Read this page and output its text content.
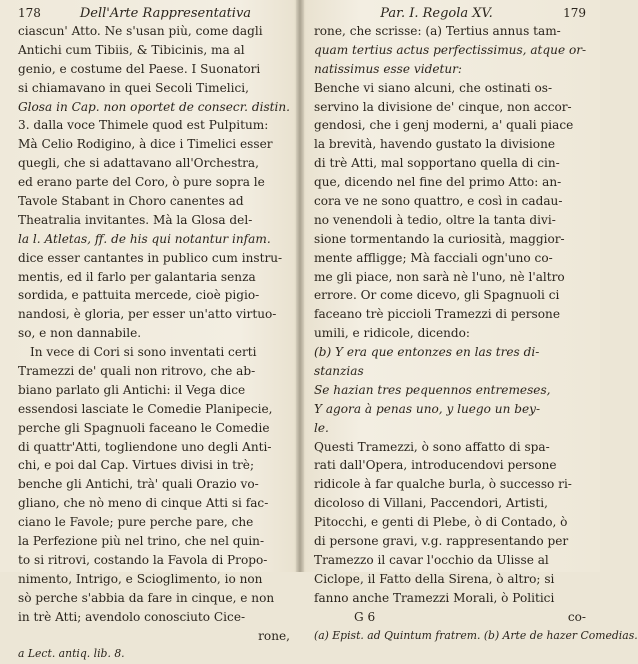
178	Dell'Arte Rappresentativa
ciascun' Atto. Ne s'usan più, come dagli
Antichi cum Tibiis, & Tibicinis, ma al
genio, e costume del Paese. I Suonatori
si chiamavano in quei Secoli Timelici,
Glosa in Cap. non oportet de consecr. distin.
3. dalla voce Thimele quod est Pulpitum:
Mà Celio Rodigino, à dice i Timelici esser
quegli, che si adattavano all'Orchestra,
ed erano parte del Coro, ò pure sopra le
Tavole Stabant in Choro canentes ad
Theatralia invitantes. Mà la Glosa del-
la l. Atletas, ff. de his qui notantur infam.
dice esser cantantes in publico cum instru-
mentis, ed il farlo per galantaria senza
sordida, e pattuita mercede, cioè pigio-
nandosi, è gloria, per esser un'atto virtuo-
so, e non dannabile.
In vece di Cori si sono inventati certi
Tramezzi de' quali non ritrovo, che ab-
biano parlato gli Antichi: il Vega dice
essendosi lasciate le Comedie Planipecie,
perche gli Spagnuoli faceano le Comedie
di quattr'Atti, togliendone uno degli Anti-
chi, e poi dal Cap. Virtues divisi in trè;
benche gli Antichi, trà' quali Orazio vo-
gliano, che nò meno di cinque Atti si fac-
ciano le Favole; pure perche pare, che
la Perfezione più nel trino, che nel quin-
to si ritrovi, costando la Favola di Propo-
nimento, Intrigo, e Scioglimento, io non
sò perche s'abbia da fare in cinque, e non
in trè Atti; avendolo conosciuto Cice-
rone,
a Lect. antiq. lib. 8.
Par. I. Regola XV.	179
rone, che scrisse: (a) Tertius annus tam-
quam tertius actus perfectissimus, atque or-
natissimus esse videtur:
Benche vi siano alcuni, che ostinati os-
servino la divisione de' cinque, non accor-
gendosi, che i genj moderni, a' quali piace
la brevità, havendo gustato la divisione
di trè Atti, mal sopportano quella di cin-
que, dicendo nel fine del primo Atto: an-
cora ve ne sono quattro, e così in cadau-
no venendoli à tedio, oltre la tanta divi-
sione tormentando la curiosità, maggior-
mente affligge; Mà facciali ogn'uno co-
me gli piace, non sarà nè l'uno, nè l'altro
errore. Or come dicevo, gli Spagnuoli ci
faceano trè piccioli Tramezzi di persone
umili, e ridicole, dicendo:
(b) Y era que entonzes en las tres di-
stanzias
Se hazian tres pequennos entremeses,
Y agora à penas uno, y luego un bey-
le.
Questi Tramezzi, ò sono affatto di spa-
rati dall'Opera, introducendovi persone
ridicole à far qualche burla, ò successo ri-
dicoloso di Villani, Paccendori, Artisti,
Pitocchi, e genti di Plebe, ò di Contado, ò
di persone gravi, v.g. rappresentando per
Tramezzo il cavar l'occhio da Ulisse al
Ciclope, il Fatto della Sirena, ò altro; si
fanno anche Tramezzi Morali, ò Politici
G 6	co-
(a) Epist. ad Quintum fratrem. (b) Arte de hazer Comedias.
